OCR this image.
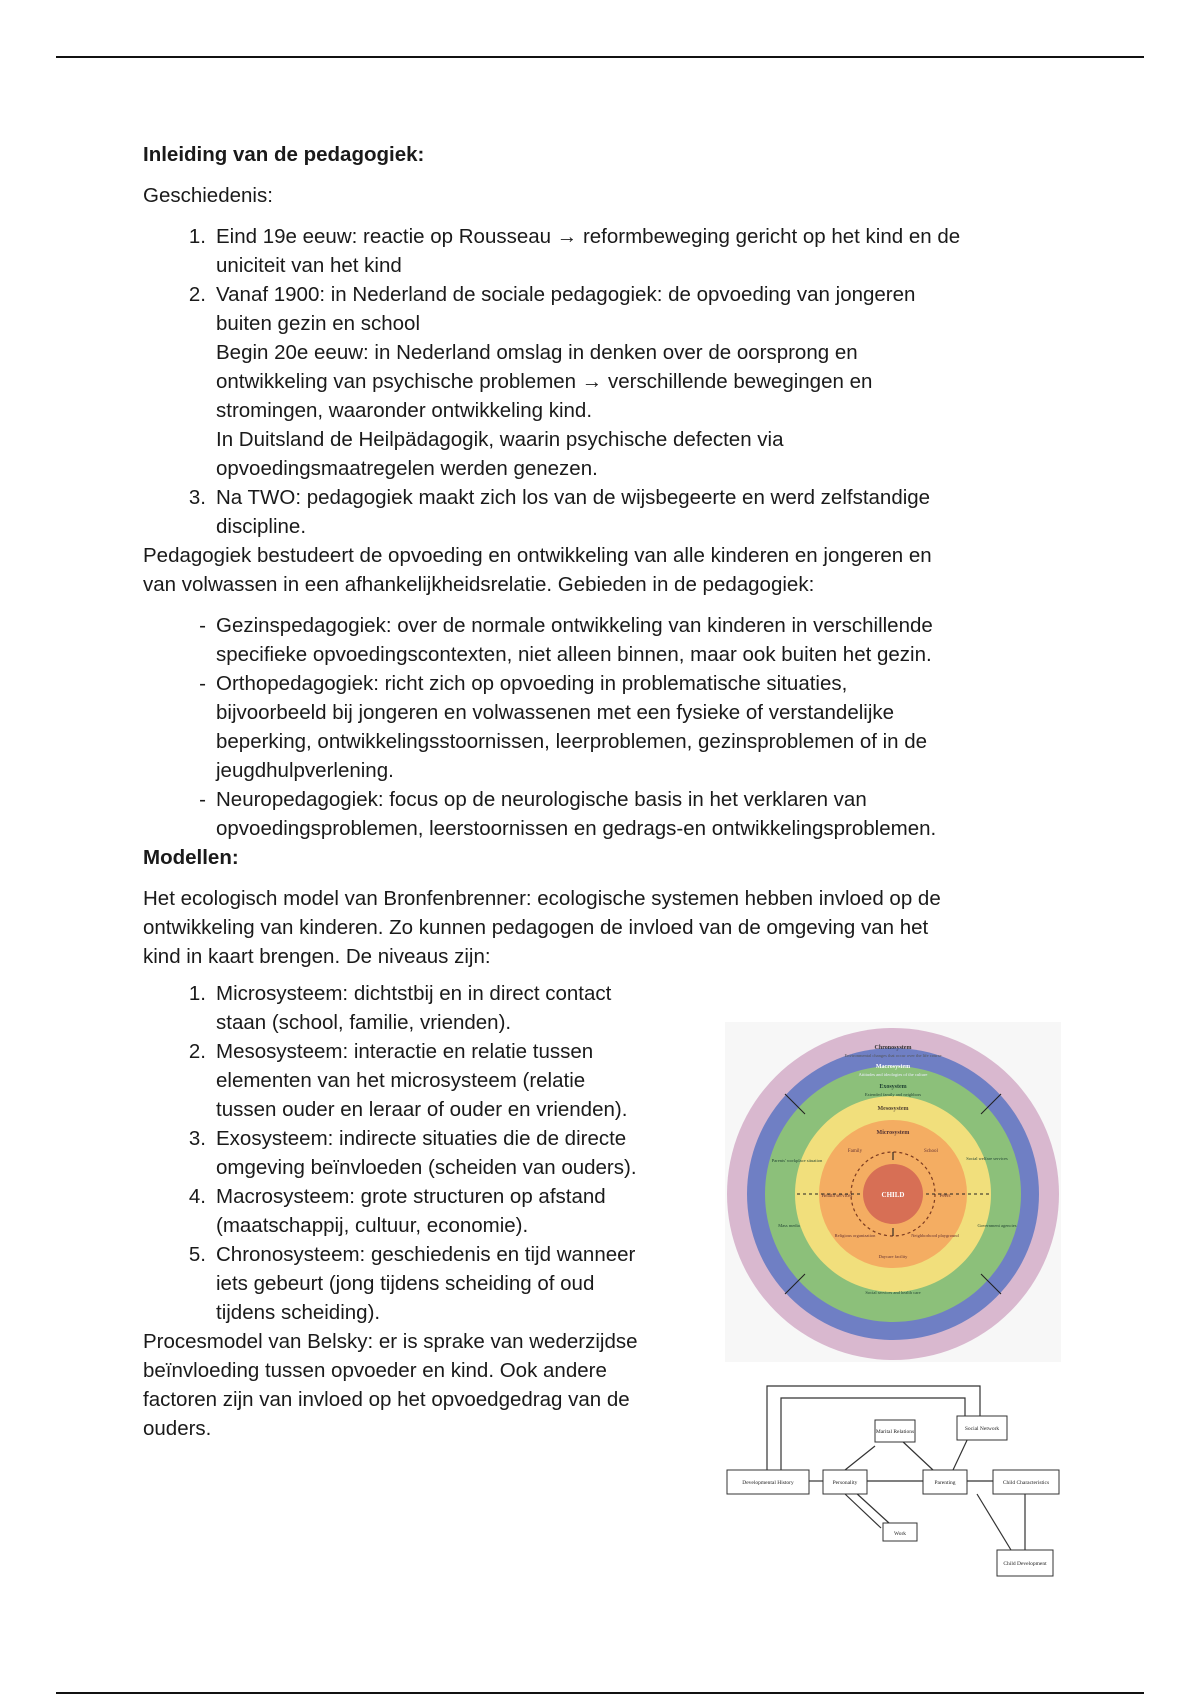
Inleiding van de pedagogiek:
Geschiedenis:
1. Eind 19e eeuw: reactie op Rousseau → reformbeweging gericht op het kind en de
uniciteit van het kind
2. Vanaf 1900: in Nederland de sociale pedagogiek: de opvoeding van jongeren
buiten gezin en school
Begin 20e eeuw: in Nederland omslag in denken over de oorsprong en
ontwikkeling van psychische problemen → verschillende bewegingen en
stromingen, waaronder ontwikkeling kind.
In Duitsland de Heilpädagogik, waarin psychische defecten via
opvoedingsmaatregelen werden genezen.
3. Na TWO: pedagogiek maakt zich los van de wijsbegeerte en werd zelfstandige
discipline.
Pedagogiek bestudeert de opvoeding en ontwikkeling van alle kinderen en jongeren en
van volwassen in een afhankelijkheidsrelatie. Gebieden in de pedagogiek:
- Gezinspedagogiek: over de normale ontwikkeling van kinderen in verschillende
specifieke opvoedingscontexten, niet alleen binnen, maar ook buiten het gezin.
- Orthopedagogiek: richt zich op opvoeding in problematische situaties,
bijvoorbeeld bij jongeren en volwassenen met een fysieke of verstandelijke
beperking, ontwikkelingsstoornissen, leerproblemen, gezinsproblemen of in de
jeugdhulpverlening.
- Neuropedagogiek: focus op de neurologische basis in het verklaren van
opvoedingsproblemen, leerstoornissen en gedrags-en ontwikkelingsproblemen.
Modellen:
Het ecologisch model van Bronfenbrenner: ecologische systemen hebben invloed op de
ontwikkeling van kinderen. Zo kunnen pedagogen de invloed van de omgeving van het
kind in kaart brengen. De niveaus zijn:
1. Microsysteem: dichtstbij en in direct contact
staan (school, familie, vrienden).
2. Mesosysteem: interactie en relatie tussen
elementen van het microsysteem (relatie
tussen ouder en leraar of ouder en vrienden).
3. Exosysteem: indirecte situaties die de directe
omgeving beïnvloeden (scheiden van ouders).
4. Macrosysteem: grote structuren op afstand
(maatschappij, cultuur, economie).
5. Chronosysteem: geschiedenis en tijd wanneer
iets gebeurt (jong tijdens scheiding of oud
tijdens scheiding).
Procesmodel van Belsky: er is sprake van wederzijdse
beïnvloeding tussen opvoeder en kind. Ook andere
factoren zijn van invloed op het opvoedgedrag van de
ouders.
Chronosystem
Environmental changes that occur over the life course
Macrosystem
Attitudes and ideologies of the culture
Exosystem
Extended family and neighbors
Mesosystem
Microsystem
CHILD
Family	School
Peers
Health services
Religious organization	Neighborhood playground
Daycare facility
Parents' workplace situation	Social welfare services
Mass media	Government agencies
Social services and health care
Developmental History	Personality
Marital Relations
Work
Parenting
Social Network
Child Characteristics
Child Development
